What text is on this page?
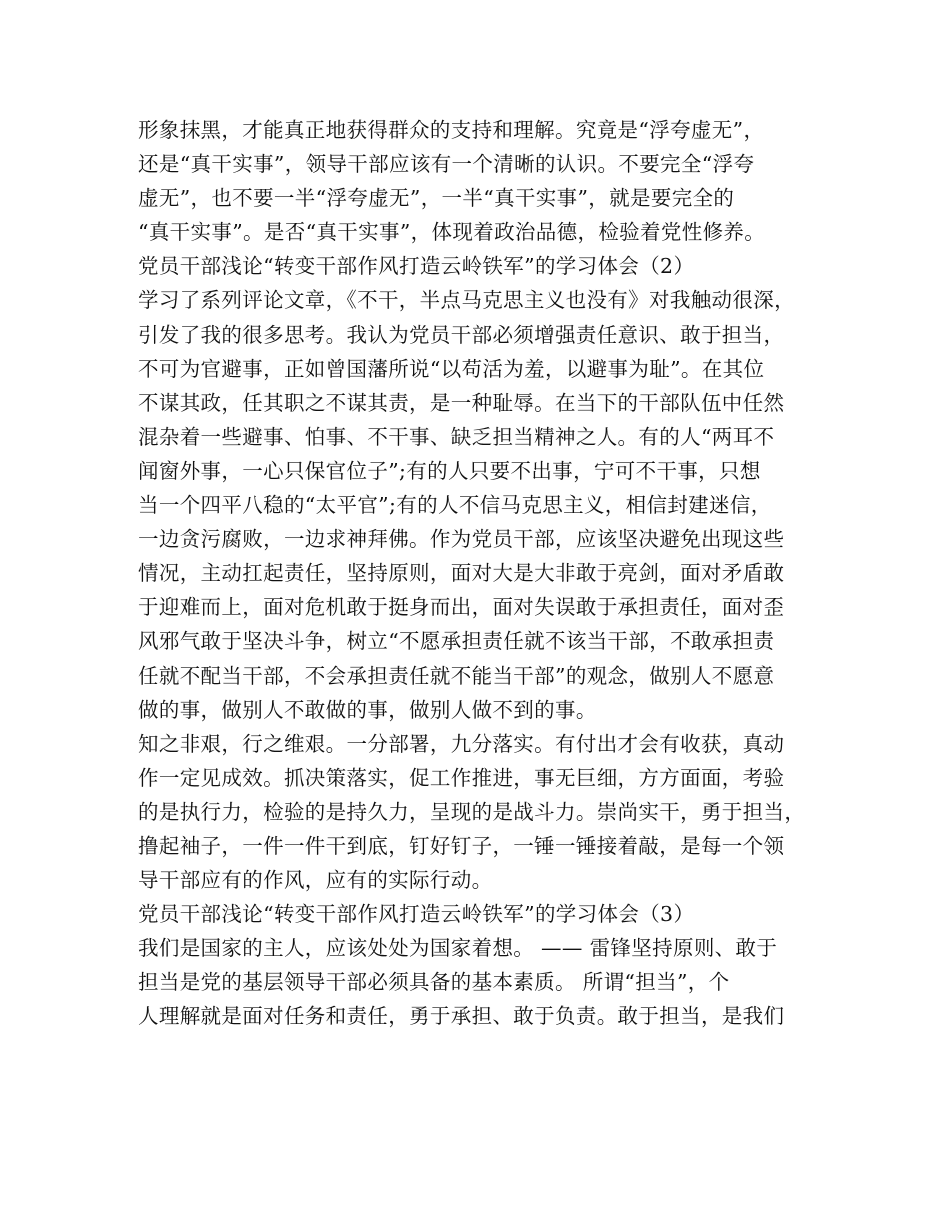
形象抹黑，才能真正地获得群众的支持和理解。究竟是“浮夸虚无”，
还是“真干实事”，领导干部应该有一个清晰的认识。不要完全“浮夸
虚无”，也不要一半“浮夸虚无”，一半“真干实事”，就是要完全的
“真干实事”。是否“真干实事”，体现着政治品德，检验着党性修养。
党员干部浅论“转变干部作风打造云岭铁军”的学习体会（2）
学习了系列评论文章，《不干，半点马克思主义也没有》对我触动很深，
引发了我的很多思考。我认为党员干部必须增强责任意识、敢于担当，
不可为官避事，正如曾国藩所说“以苟活为羞，以避事为耻”。在其位
不谋其政，任其职之不谋其责，是一种耻辱。在当下的干部队伍中任然
混杂着一些避事、怕事、不干事、缺乏担当精神之人。有的人“两耳不
闻窗外事，一心只保官位子”;有的人只要不出事，宁可不干事，只想
当一个四平八稳的“太平官”;有的人不信马克思主义，相信封建迷信，
一边贪污腐败，一边求神拜佛。作为党员干部，应该坚决避免出现这些
情况，主动扛起责任，坚持原则，面对大是大非敢于亮剑，面对矛盾敢
于迎难而上，面对危机敢于挺身而出，面对失误敢于承担责任，面对歪
风邪气敢于坚决斗争，树立“不愿承担责任就不该当干部，不敢承担责
任就不配当干部，不会承担责任就不能当干部”的观念，做别人不愿意
做的事，做别人不敢做的事，做别人做不到的事。
知之非艰，行之维艰。一分部署，九分落实。有付出才会有收获，真动
作一定见成效。抓决策落实，促工作推进，事无巨细，方方面面，考验
的是执行力，检验的是持久力，呈现的是战斗力。崇尚实干，勇于担当，
撸起袖子，一件一件干到底，钉好钉子，一锤一锤接着敲，是每一个领
导干部应有的作风，应有的实际行动。
党员干部浅论“转变干部作风打造云岭铁军”的学习体会（3）
我们是国家的主人，应该处处为国家着想。 —— 雷锋坚持原则、敢于
担当是党的基层领导干部必须具备的基本素质。 所谓“担当”，个
人理解就是面对任务和责任，勇于承担、敢于负责。敢于担当，是我们
